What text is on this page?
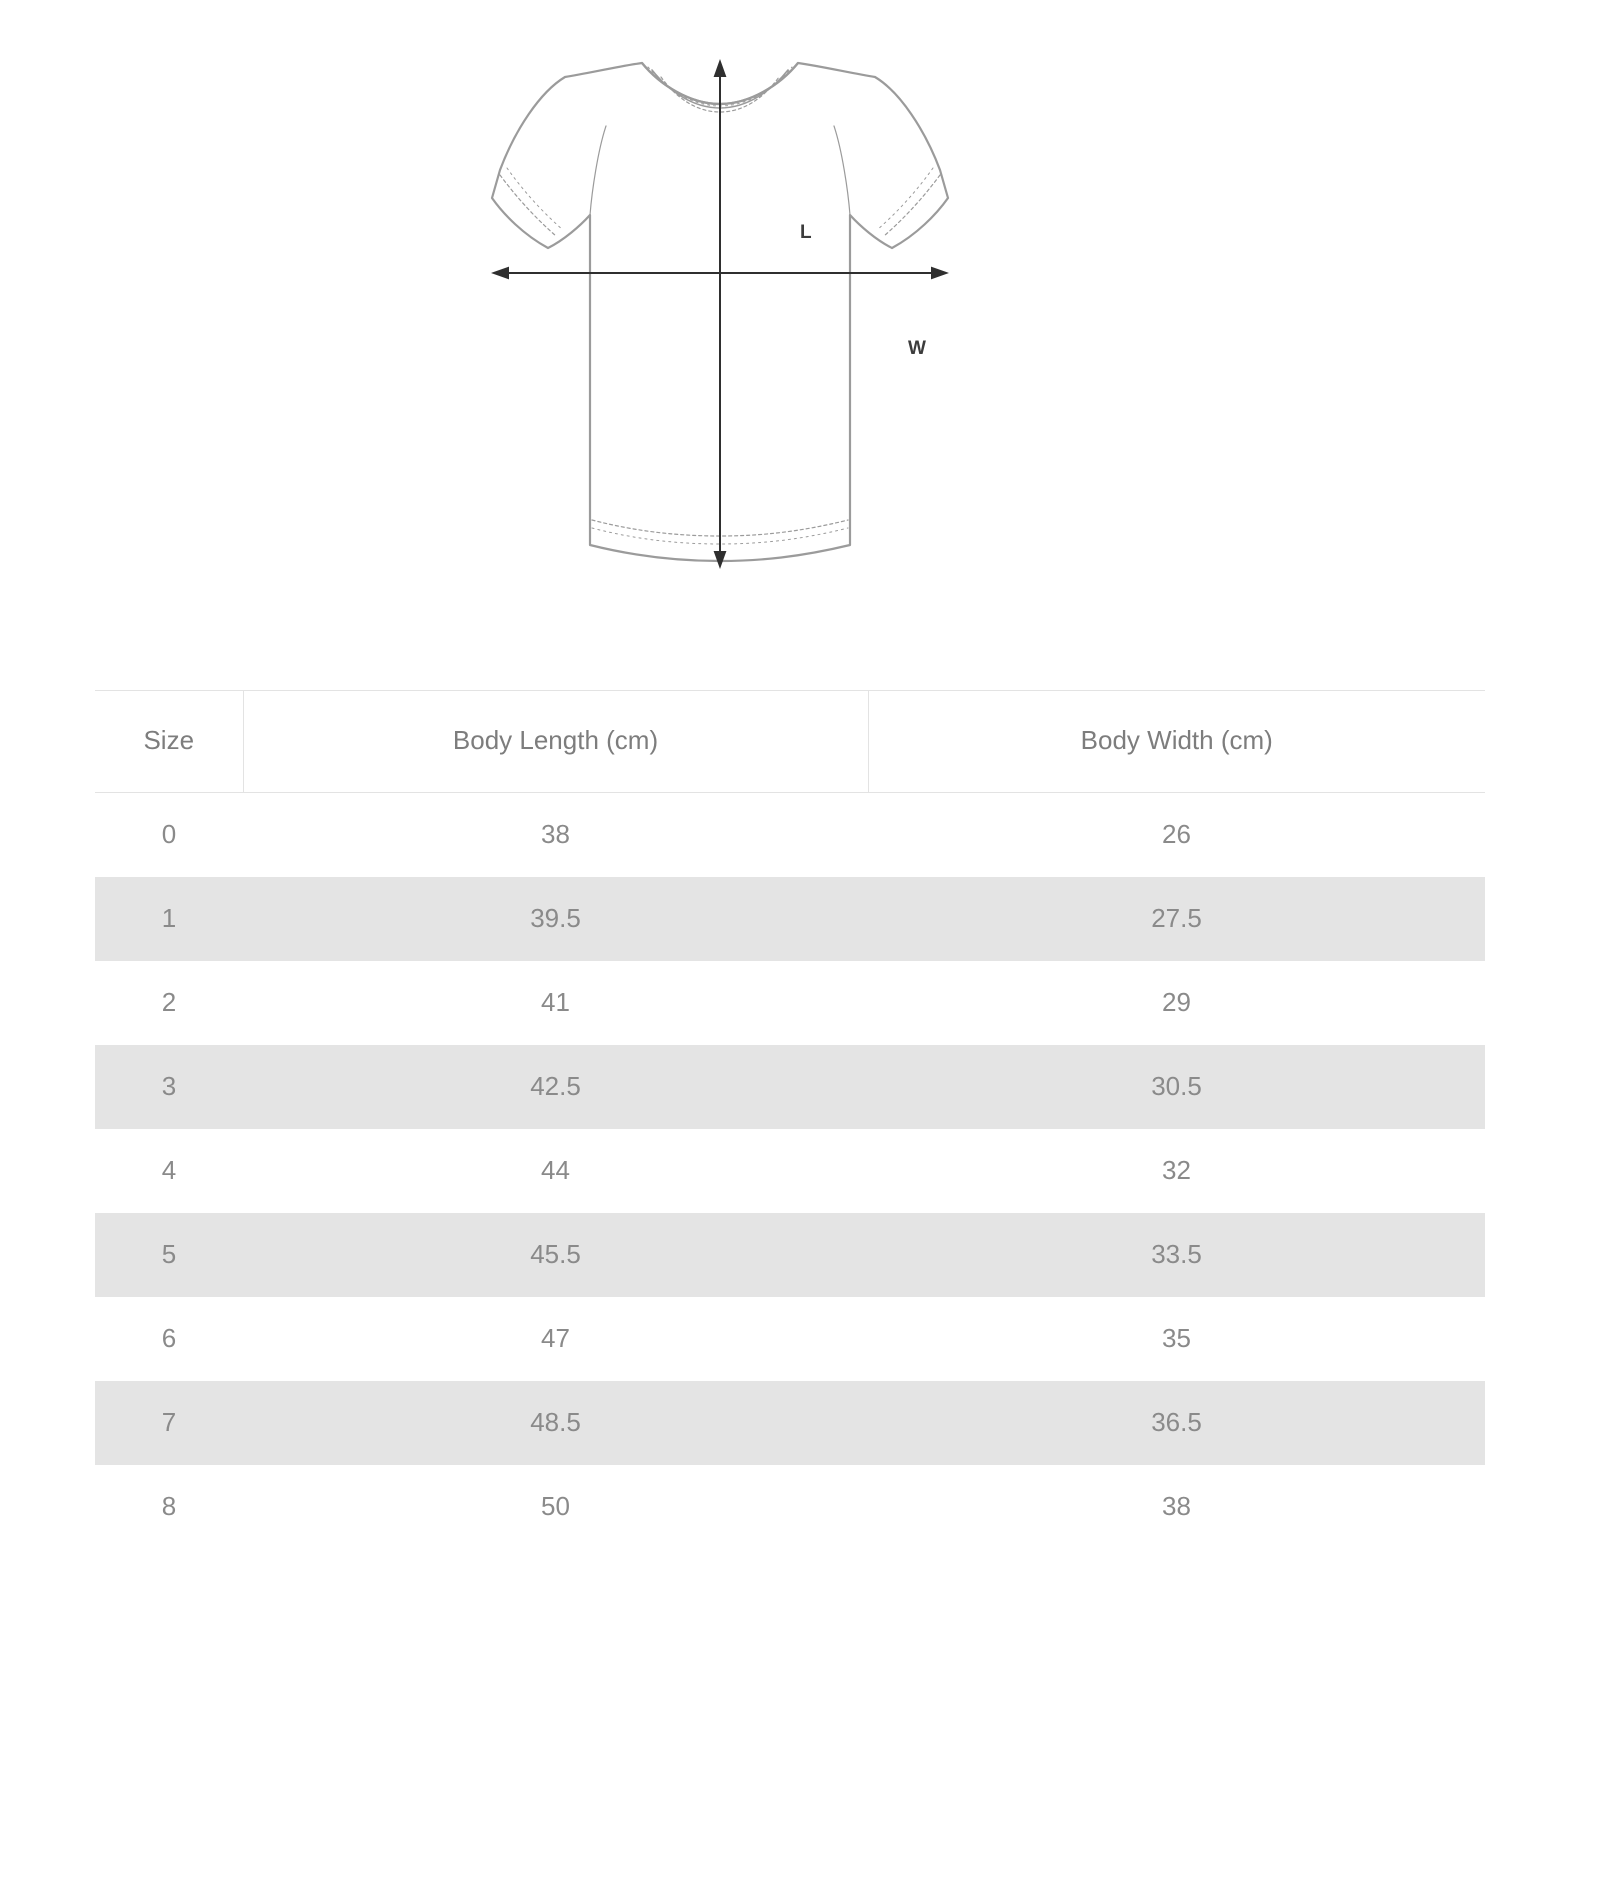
L
W
Size	Body Length (cm)	Body Width (cm)
0	38	26
1	39.5	27.5
2	41	29
3	42.5	30.5
4	44	32
5	45.5	33.5
6	47	35
7	48.5	36.5
8	50	38
